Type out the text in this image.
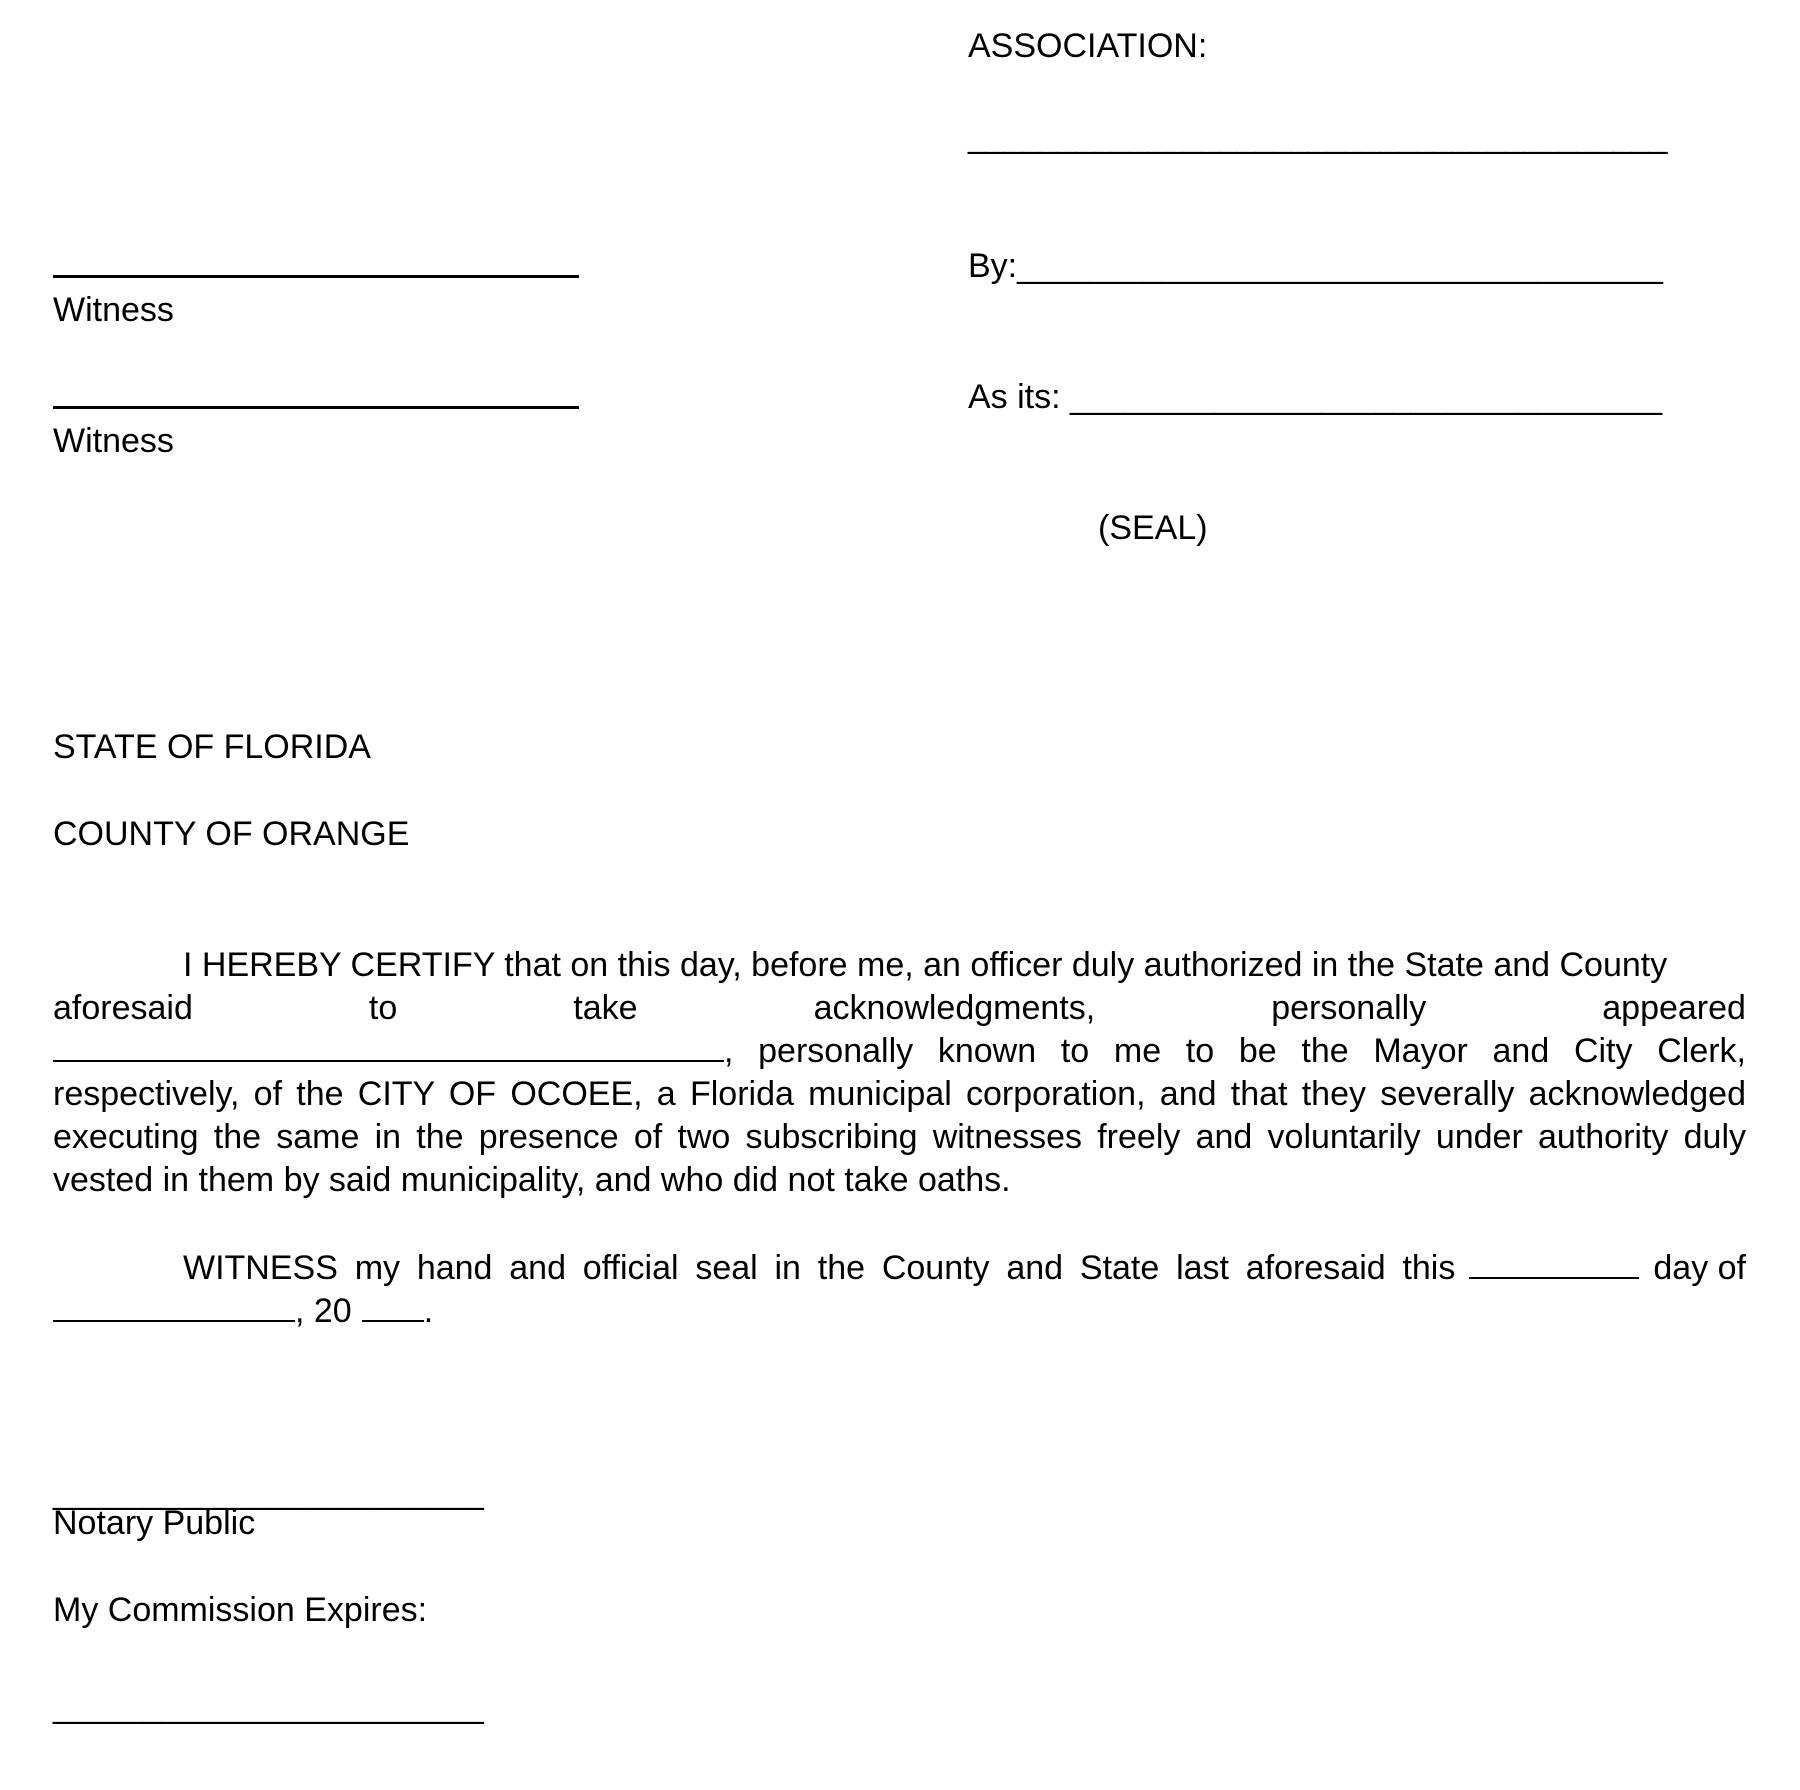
ASSOCIATION:
_______________________________________
By:____________________________________
As its: _________________________________
(SEAL)
Witness
Witness
STATE OF FLORIDA
COUNTY OF ORANGE
I HEREBY CERTIFY that on this day, before me, an officer duly authorized in the State and County
aforesaid	to	take	acknowledgments,	personally	appeared
, personally known to me to be the Mayor and City Clerk,
respectively, of the CITY OF OCOEE, a Florida municipal corporation, and that they severally acknowledged
executing the same in the presence of two subscribing witnesses freely and voluntarily under authority duly
vested in them by said municipality, and who did not take oaths.
WITNESS my hand and official seal in the County and State last aforesaid this	day of
, 20 .
________________________
Notary Public
My Commission Expires:
________________________
